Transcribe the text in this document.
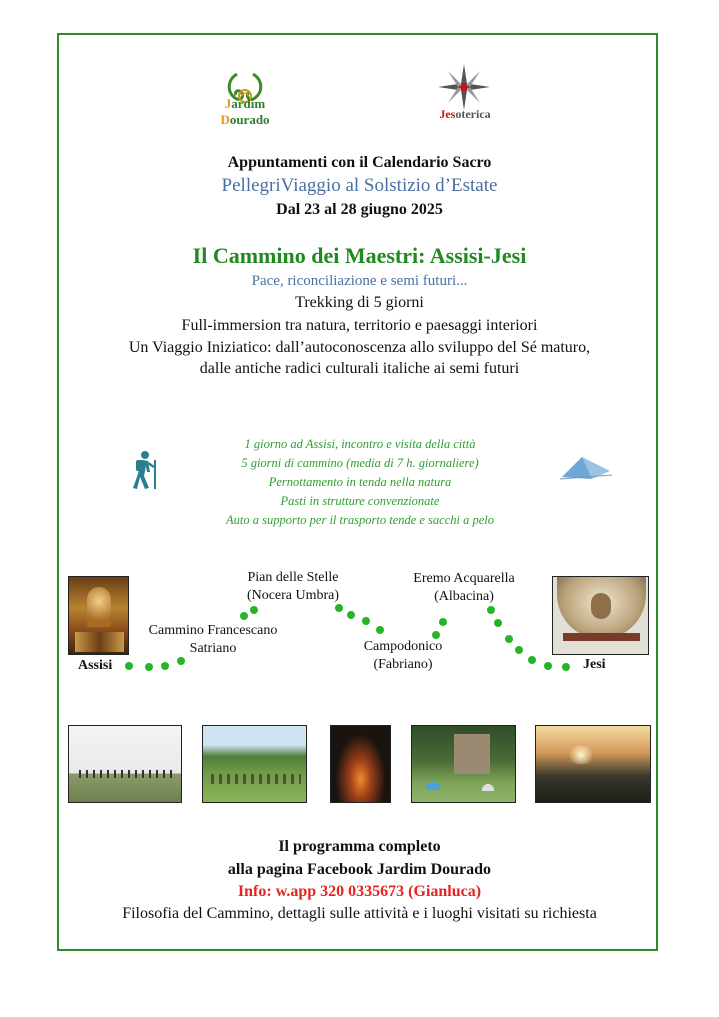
Jardim
Dourado	Jesoterica
Appuntamenti con il Calendario Sacro
PellegriViaggio al Solstizio d’Estate
Dal 23 al 28 giugno 2025
Il Cammino dei Maestri: Assisi-Jesi
Pace, riconciliazione e semi futuri...
Trekking di 5 giorni
Full-immersion tra natura, territorio e paesaggi interiori
Un Viaggio Iniziatico: dall’autoconoscenza allo sviluppo del Sé maturo,
dalle antiche radici culturali italiche ai semi futuri
1 giorno ad Assisi, incontro e visita della città
5 giorni di cammino (media di 7 h. giornaliere)
Pernottamento in tenda nella natura
Pasti in strutture convenzionate
Auto a supporto per il trasporto tende e sacchi a pelo
Assisi	Jesi
Cammino Francescano
Satriano
Pian delle Stelle
(Nocera Umbra)
Campodonico
(Fabriano)
Eremo Acquarella
(Albacina)
Il programma completo
alla pagina Facebook Jardim Dourado
Info: w.app 320 0335673 (Gianluca)
Filosofia del Cammino, dettagli sulle attività e i luoghi visitati su richiesta
